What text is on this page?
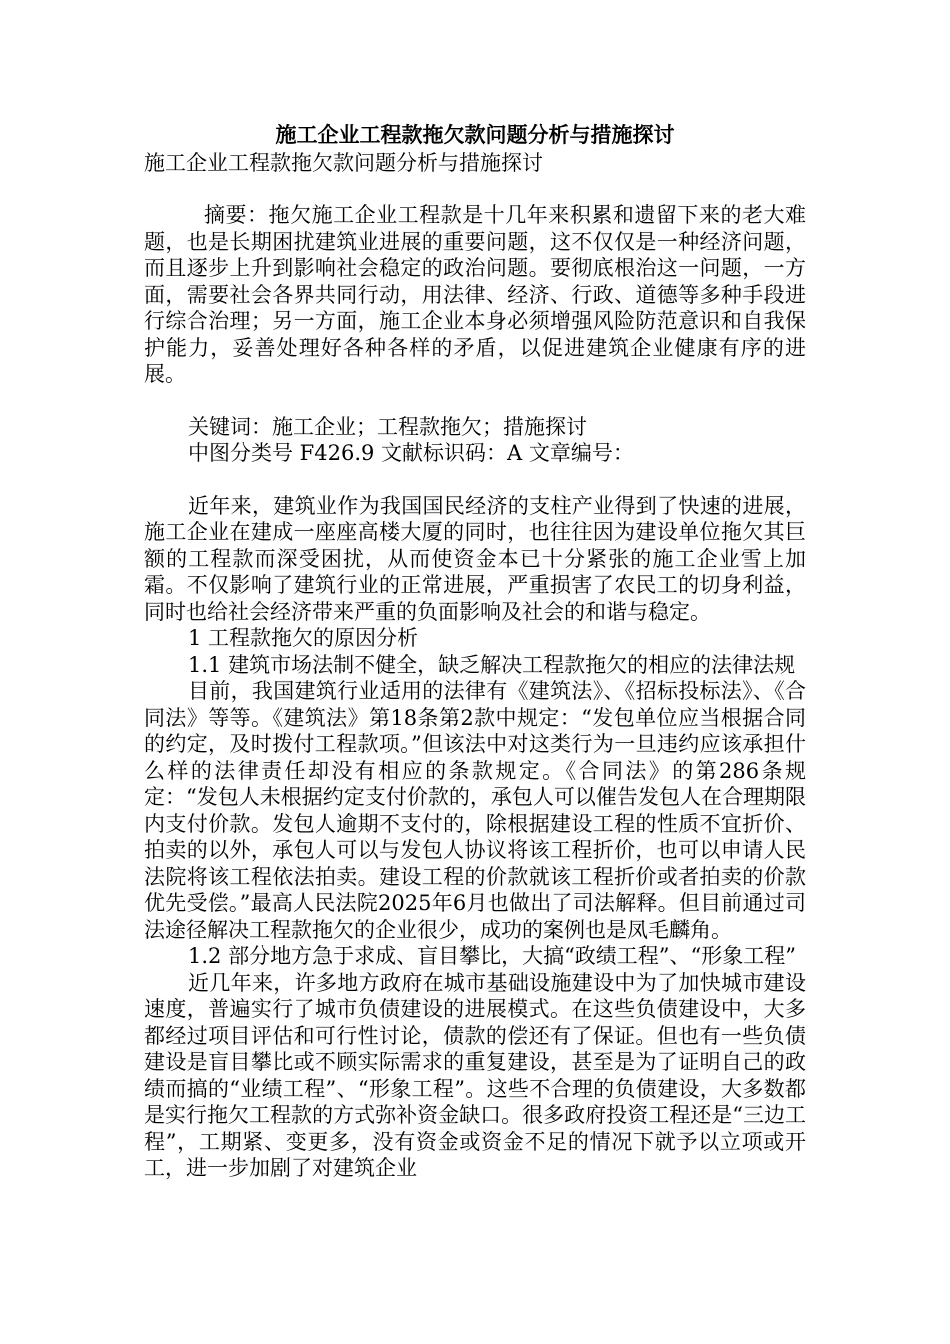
施工企业工程款拖欠款问题分析与措施探讨

施工企业工程款拖欠款问题分析与措施探讨

摘要：拖欠施工企业工程款是十几年来积累和遗留下来的老大难题，也是长期困扰建筑业进展的重要问题，这不仅仅是一种经济问题，而且逐步上升到影响社会稳定的政治问题。要彻底根治这一问题，一方面，需要社会各界共同行动，用法律、经济、行政、道德等多种手段进行综合治理；另一方面，施工企业本身必须增强风险防范意识和自我保护能力，妥善处理好各种各样的矛盾，以促进建筑企业健康有序的进展。

关键词：施工企业；工程款拖欠；措施探讨

中图分类号 F426.9 文献标识码：A 文章编号：

近年来，建筑业作为我国国民经济的支柱产业得到了快速的进展，施工企业在建成一座座高楼大厦的同时，也往往因为建设单位拖欠其巨额的工程款而深受困扰，从而使资金本已十分紧张的施工企业雪上加霜。不仅影响了建筑行业的正常进展，严重损害了农民工的切身利益，同时也给社会经济带来严重的负面影响及社会的和谐与稳定。

1 工程款拖欠的原因分析

1.1 建筑市场法制不健全，缺乏解决工程款拖欠的相应的法律法规

目前，我国建筑行业适用的法律有《建筑法》、《招标投标法》、《合同法》等等。《建筑法》第18条第2款中规定：“发包单位应当根据合同的约定，及时拨付工程款项。”但该法中对这类行为一旦违约应该承担什么样的法律责任却没有相应的条款规定。《合同法》的第286条规定：“发包人未根据约定支付价款的，承包人可以催告发包人在合理期限内支付价款。发包人逾期不支付的，除根据建设工程的性质不宜折价、拍卖的以外，承包人可以与发包人协议将该工程折价，也可以申请人民法院将该工程依法拍卖。建设工程的价款就该工程折价或者拍卖的价款优先受偿。”最高人民法院2025年6月也做出了司法解释。但目前通过司法途径解决工程款拖欠的企业很少，成功的案例也是凤毛麟角。

1.2 部分地方急于求成、盲目攀比，大搞“政绩工程”、“形象工程”

近几年来，许多地方政府在城市基础设施建设中为了加快城市建设速度，普遍实行了城市负债建设的进展模式。在这些负债建设中，大多都经过项目评估和可行性讨论，债款的偿还有了保证。但也有一些负债建设是盲目攀比或不顾实际需求的重复建设，甚至是为了证明自己的政绩而搞的“业绩工程”、“形象工程”。这些不合理的负债建设，大多数都是实行拖欠工程款的方式弥补资金缺口。很多政府投资工程还是“三边工程”，工期紧、变更多，没有资金或资金不足的情况下就予以立项或开工，进一步加剧了对建筑企业
